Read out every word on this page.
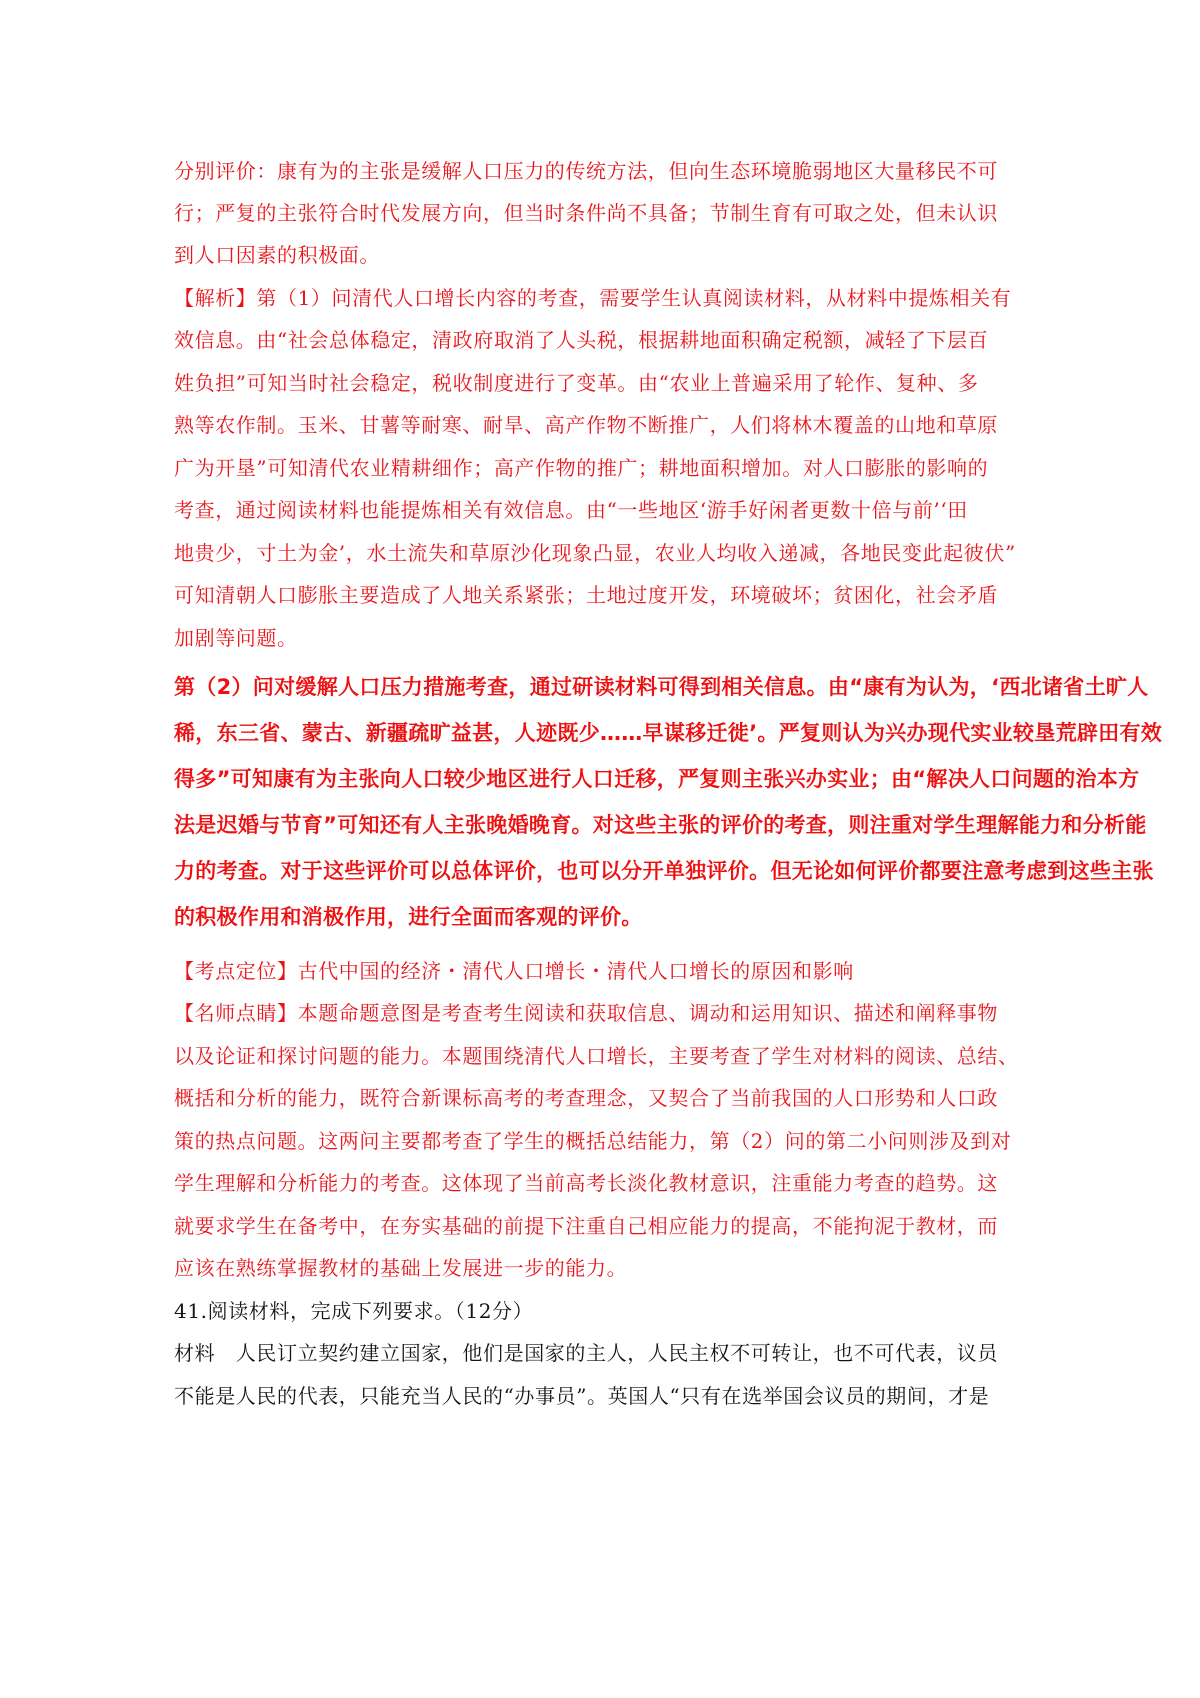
分别评价：康有为的主张是缓解人口压力的传统方法，但向生态环境脆弱地区大量移民不可
行；严复的主张符合时代发展方向，但当时条件尚不具备；节制生育有可取之处，但未认识
到人口因素的积极面。
【解析】第（1）问清代人口增长内容的考查，需要学生认真阅读材料，从材料中提炼相关有
效信息。由“社会总体稳定，清政府取消了人头税，根据耕地面积确定税额，减轻了下层百
姓负担”可知当时社会稳定，税收制度进行了变革。由“农业上普遍采用了轮作、复种、多
熟等农作制。玉米、甘薯等耐寒、耐旱、高产作物不断推广，人们将林木覆盖的山地和草原
广为开垦”可知清代农业精耕细作；高产作物的推广；耕地面积增加。对人口膨胀的影响的
考查，通过阅读材料也能提炼相关有效信息。由“一些地区‘游手好闲者更数十倍与前’‘田
地贵少，寸土为金’，水土流失和草原沙化现象凸显，农业人均收入递减，各地民变此起彼伏”
可知清朝人口膨胀主要造成了人地关系紧张；土地过度开发，环境破坏；贫困化，社会矛盾
加剧等问题。
第（2）问对缓解人口压力措施考查，通过研读材料可得到相关信息。由“康有为认为，‘西北诸省土旷人
稀，东三省、蒙古、新疆疏旷益甚，人迹既少……早谋移迁徙’。严复则认为兴办现代实业较垦荒辟田有效
得多”可知康有为主张向人口较少地区进行人口迁移，严复则主张兴办实业；由“解决人口问题的治本方
法是迟婚与节育”可知还有人主张晚婚晚育。对这些主张的评价的考查，则注重对学生理解能力和分析能
力的考查。对于这些评价可以总体评价，也可以分开单独评价。但无论如何评价都要注意考虑到这些主张
的积极作用和消极作用，进行全面而客观的评价。
【考点定位】古代中国的经济・清代人口增长・清代人口增长的原因和影响
【名师点睛】本题命题意图是考查考生阅读和获取信息、调动和运用知识、描述和阐释事物
以及论证和探讨问题的能力。本题围绕清代人口增长，主要考查了学生对材料的阅读、总结、
概括和分析的能力，既符合新课标高考的考查理念，又契合了当前我国的人口形势和人口政
策的热点问题。这两问主要都考查了学生的概括总结能力，第（2）问的第二小问则涉及到对
学生理解和分析能力的考查。这体现了当前高考长淡化教材意识，注重能力考查的趋势。这
就要求学生在备考中，在夯实基础的前提下注重自己相应能力的提高，不能拘泥于教材，而
应该在熟练掌握教材的基础上发展进一步的能力。
41.阅读材料，完成下列要求。（12分）
材料　人民订立契约建立国家，他们是国家的主人，人民主权不可转让，也不可代表，议员
不能是人民的代表，只能充当人民的“办事员”。英国人“只有在选举国会议员的期间，才是
